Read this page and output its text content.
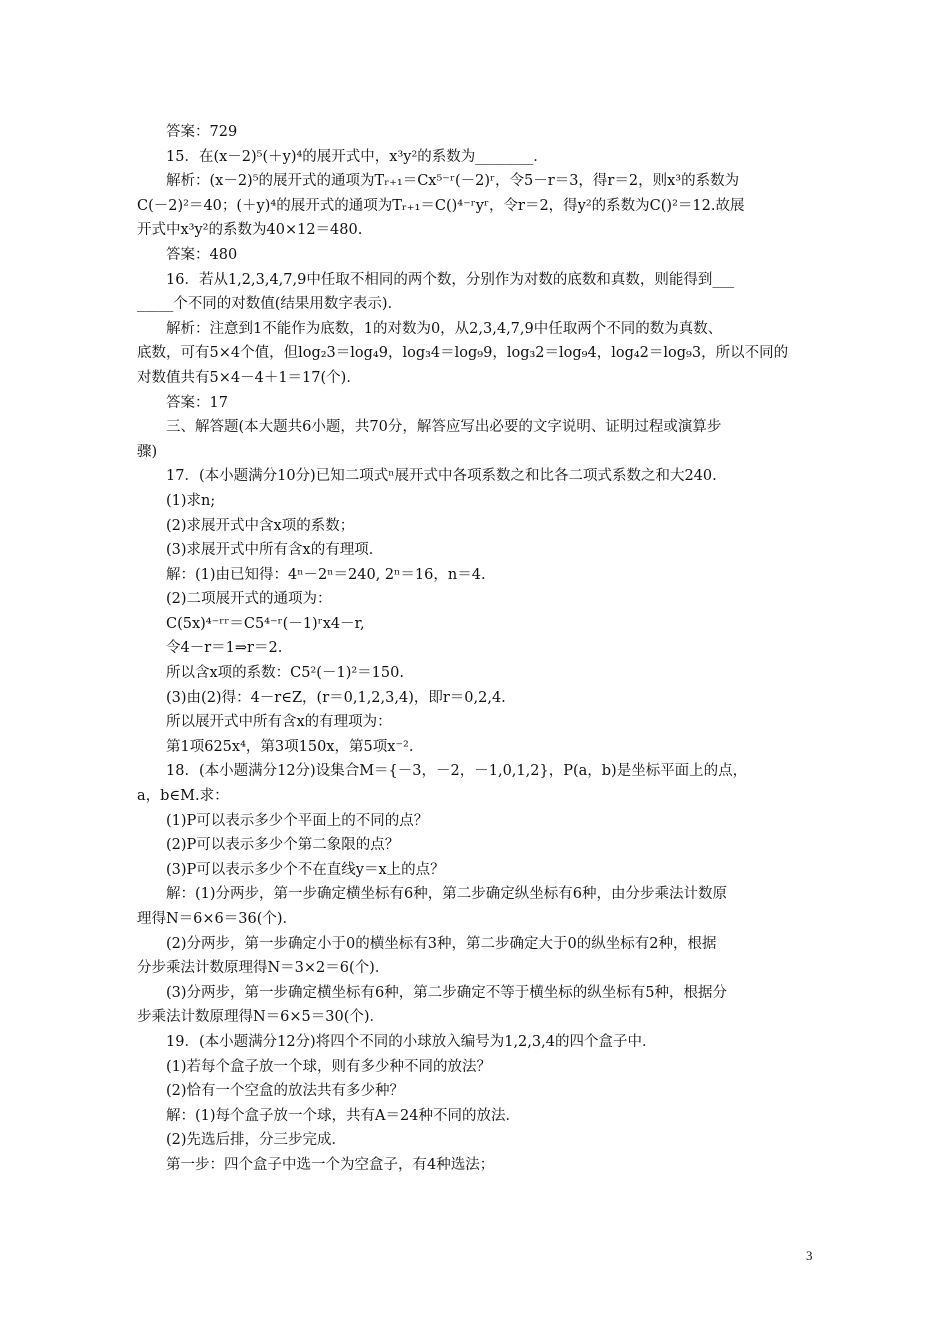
答案：729

15．在(x－2)⁵(＋y)⁴的展开式中，x³y²的系数为________．

解析：(x－2)⁵的展开式的通项为Tᵣ₊₁＝Cx⁵⁻ʳ(－2)ʳ，令5－r＝3，得r＝2，则x³的系数为

C(－2)²＝40；(＋y)⁴的展开式的通项为Tᵣ₊₁＝C()⁴⁻ʳyʳ，令r＝2，得y²的系数为C()²＝12.故展

开式中x³y²的系数为40×12＝480.

答案：480

16．若从1,2,3,4,7,9中任取不相同的两个数，分别作为对数的底数和真数，则能得到___

_____个不同的对数值(结果用数字表示)．

解析：注意到1不能作为底数，1的对数为0，从2,3,4,7,9中任取两个不同的数为真数、

底数，可有5×4个值，但log₂3＝log₄9，log₃4＝log₉9，log₃2＝log₉4，log₄2＝log₉3，所以不同的

对数值共有5×4－4＋1＝17(个)．

答案：17

三、解答题(本大题共6小题，共70分，解答应写出必要的文字说明、证明过程或演算步

骤)

17．(本小题满分10分)已知二项式ⁿ展开式中各项系数之和比各二项式系数之和大240.

(1)求n;

(2)求展开式中含x项的系数；

(3)求展开式中所有含x的有理项．

解：(1)由已知得：4ⁿ－2ⁿ＝240, 2ⁿ＝16，n＝4.

(2)二项展开式的通项为：

C(5x)⁴⁻ʳʳ＝C5⁴⁻ʳ(－1)ʳx4－r,

令4－r＝1⇒r＝2.

所以含x项的系数：C5²(－1)²＝150.

(3)由(2)得：4－r∈Z，(r＝0,1,2,3,4)，即r＝0,2,4.

所以展开式中所有含x的有理项为：

第1项625x⁴，第3项150x，第5项x⁻².

18．(本小题满分12分)设集合M＝{－3，－2，－1,0,1,2}，P(a，b)是坐标平面上的点，

a，b∈M.求：

(1)P可以表示多少个平面上的不同的点？

(2)P可以表示多少个第二象限的点？

(3)P可以表示多少个不在直线y＝x上的点？

解：(1)分两步，第一步确定横坐标有6种，第二步确定纵坐标有6种，由分步乘法计数原

理得N＝6×6＝36(个)．

(2)分两步，第一步确定小于0的横坐标有3种，第二步确定大于0的纵坐标有2种，根据

分步乘法计数原理得N＝3×2＝6(个)．

(3)分两步，第一步确定横坐标有6种，第二步确定不等于横坐标的纵坐标有5种，根据分

步乘法计数原理得N＝6×5＝30(个)．

19．(本小题满分12分)将四个不同的小球放入编号为1,2,3,4的四个盒子中．

(1)若每个盒子放一个球，则有多少种不同的放法？

(2)恰有一个空盒的放法共有多少种？

解：(1)每个盒子放一个球，共有A＝24种不同的放法．

(2)先选后排，分三步完成．

第一步：四个盒子中选一个为空盒子，有4种选法；

3
